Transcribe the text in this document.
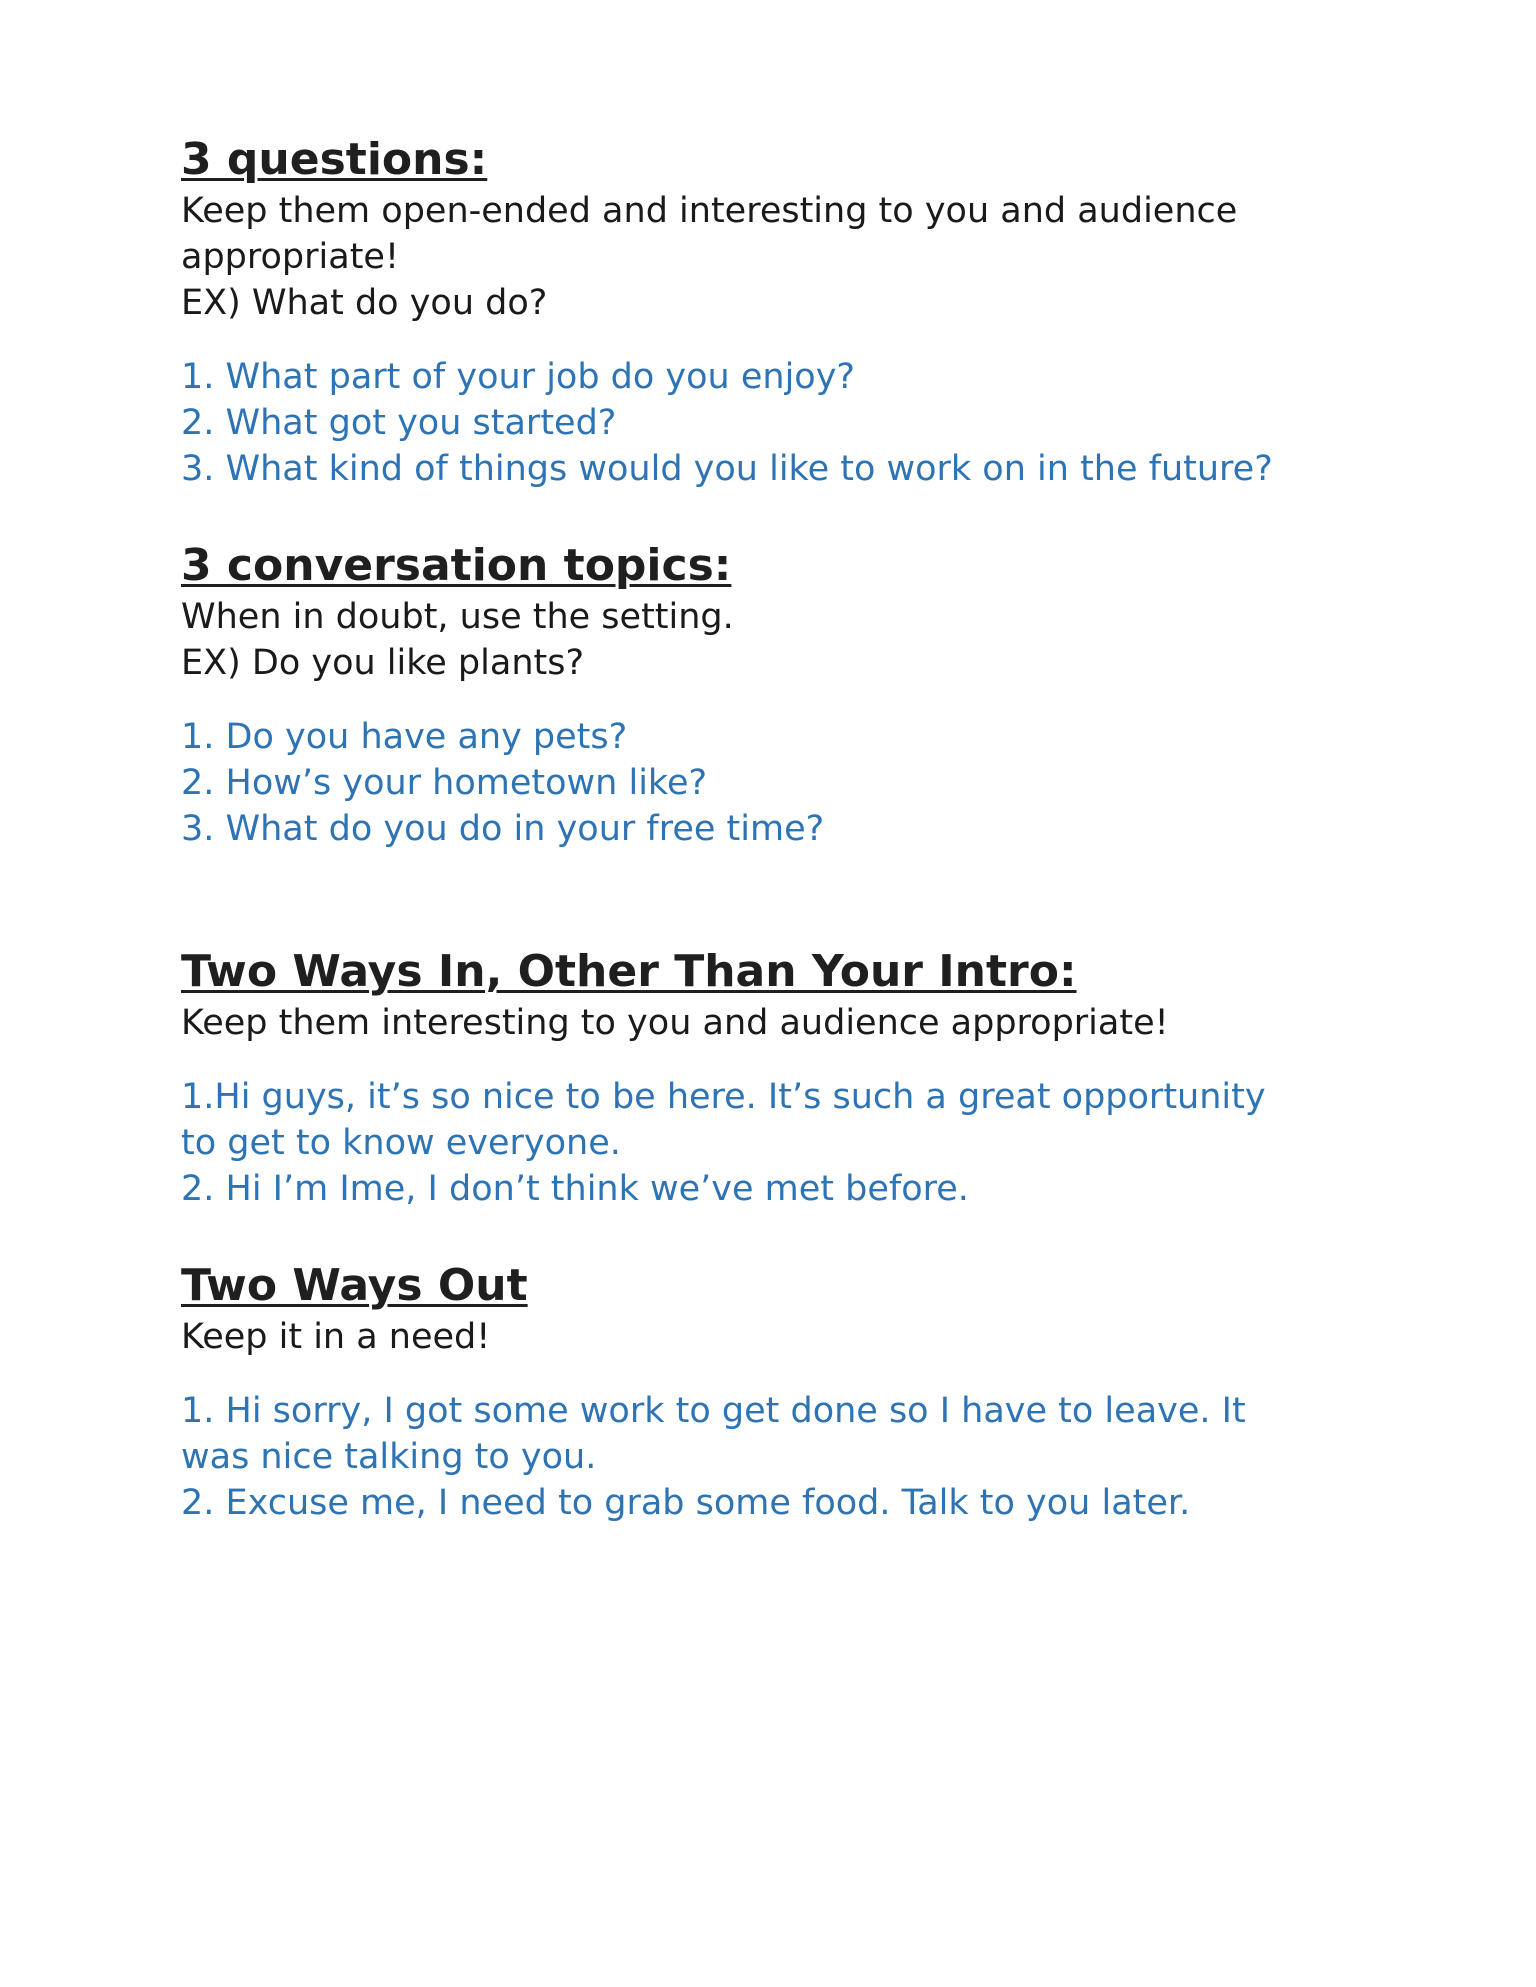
3 questions:

Keep them open-ended and interesting to you and audience

appropriate!

EX) What do you do?

1. What part of your job do you enjoy?

2. What got you started?

3. What kind of things would you like to work on in the future?

3 conversation topics:

When in doubt, use the setting.

EX) Do you like plants?

1. Do you have any pets?

2. How’s your hometown like?

3. What do you do in your free time?

Two Ways In, Other Than Your Intro:

Keep them interesting to you and audience appropriate!

1.Hi guys, it’s so nice to be here. It’s such a great opportunity

to get to know everyone.

2. Hi I’m Ime, I don’t think we’ve met before.

Two Ways Out

Keep it in a need!

1. Hi sorry, I got some work to get done so I have to leave. It

was nice talking to you.

2. Excuse me, I need to grab some food. Talk to you later.
